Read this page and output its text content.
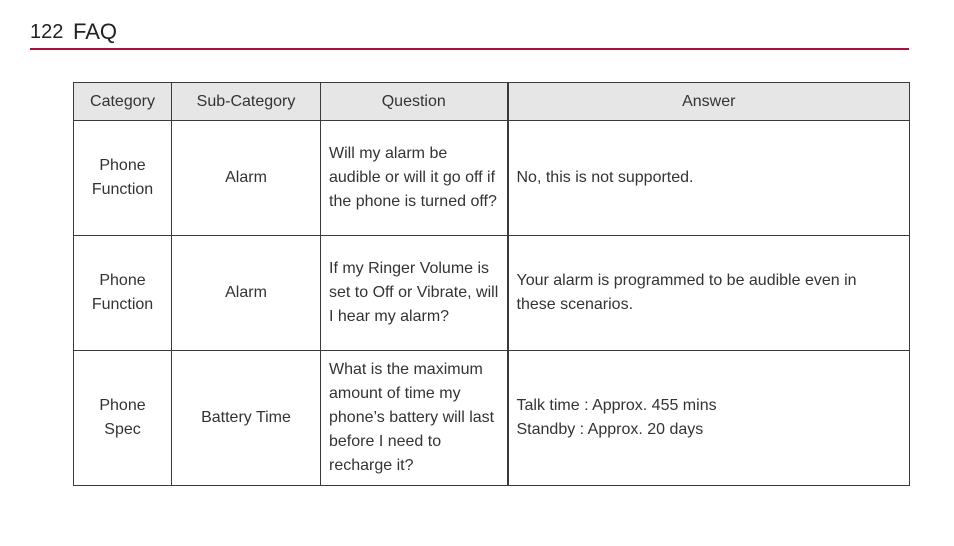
122 FAQ
Category	Sub-Category	Question	Answer

Phone Function	Alarm	Will my alarm be audible or will it go off if the phone is turned off?	No, this is not supported.

Phone Function	Alarm	If my Ringer Volume is set to Off or Vibrate, will I hear my alarm?	Your alarm is programmed to be audible even in these scenarios.

Phone Spec	Battery Time	What is the maximum amount of time my phone’s battery will last before I need to recharge it?	Talk time : Approx. 455 mins
Standby : Approx. 20 days
